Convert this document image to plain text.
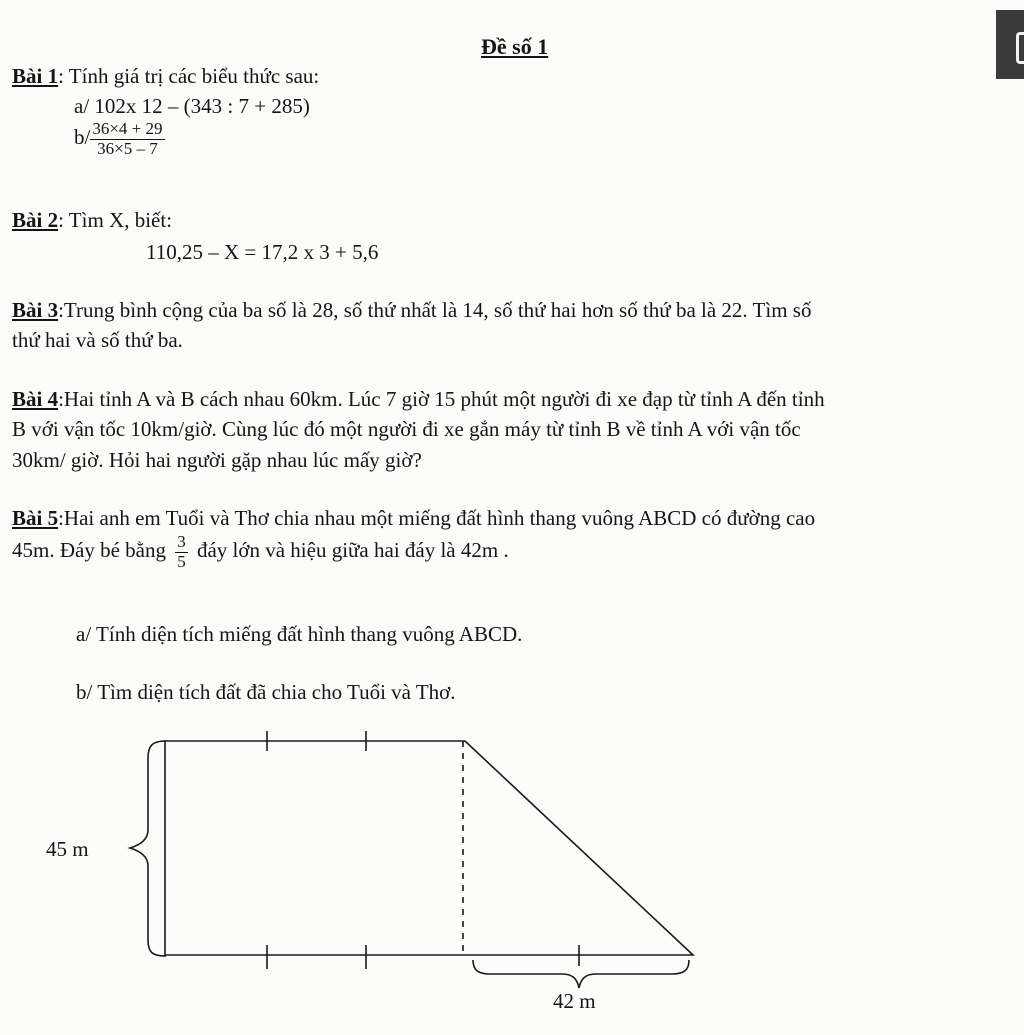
Đề số 1
Bài 1: Tính giá trị các biểu thức sau:
a/ 102x 12 – (343 : 7 + 285)
$b/ \frac{36\times 4 + 29}{36\times 5 - 7}$
Bài 2: Tìm X, biết:
110,25 – X = 17,2 x 3 + 5,6
Bài 3:Trung bình cộng của ba số là 28, số thứ nhất là 14, số thứ hai hơn số thứ ba là 22. Tìm số
thứ hai và số thứ ba.
Bài 4:Hai tỉnh A và B cách nhau 60km. Lúc 7 giờ 15 phút một người đi xe đạp từ tỉnh A đến tỉnh
B với vận tốc 10km/giờ. Cùng lúc đó một người đi xe gắn máy từ tỉnh B về tỉnh A với vận tốc
30km/ giờ. Hỏi hai người gặp nhau lúc mấy giờ?
Bài 5:Hai anh em Tuổi và Thơ chia nhau một miếng đất hình thang vuông ABCD có đường cao
45m. Đáy bé bằng $\frac{3}{5}$ đáy lớn và hiệu giữa hai đáy là 42m .
a/ Tính diện tích miếng đất hình thang vuông ABCD.
b/ Tìm diện tích đất đã chia cho Tuổi và Thơ.
45 m
42 m
